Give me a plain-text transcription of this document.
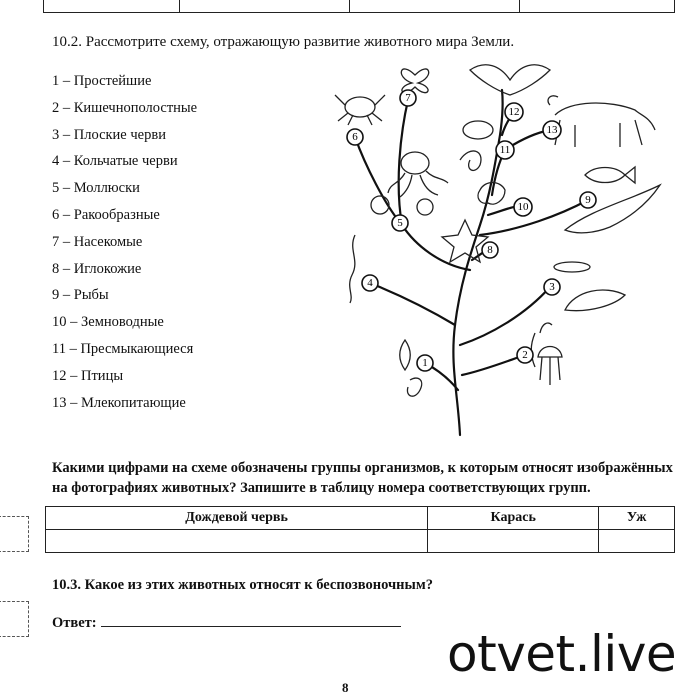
10.2. Рассмотрите схему, отражающую развитие животного мира Земли.
1 – Простейшие
2 – Кишечнополостные
3 – Плоские черви
4 – Кольчатые черви
5 – Моллюски
6 – Ракообразные
7 – Насекомые
8 – Иглокожие
9 – Рыбы
10 – Земноводные
11 – Пресмыкающиеся
12 – Птицы
13 – Млекопитающие
1
2
3
4
5
6
7
8
9
10
11
12
13
Какими цифрами на схеме обозначены группы организмов, к которым относят изображённых на фотографиях животных? Запишите в таблицу номера соответствующих групп.
Дождевой червь	Карась	Уж

10.3. Какое из этих животных относят к беспозвоночным?
Ответ:
otvet.live
8
